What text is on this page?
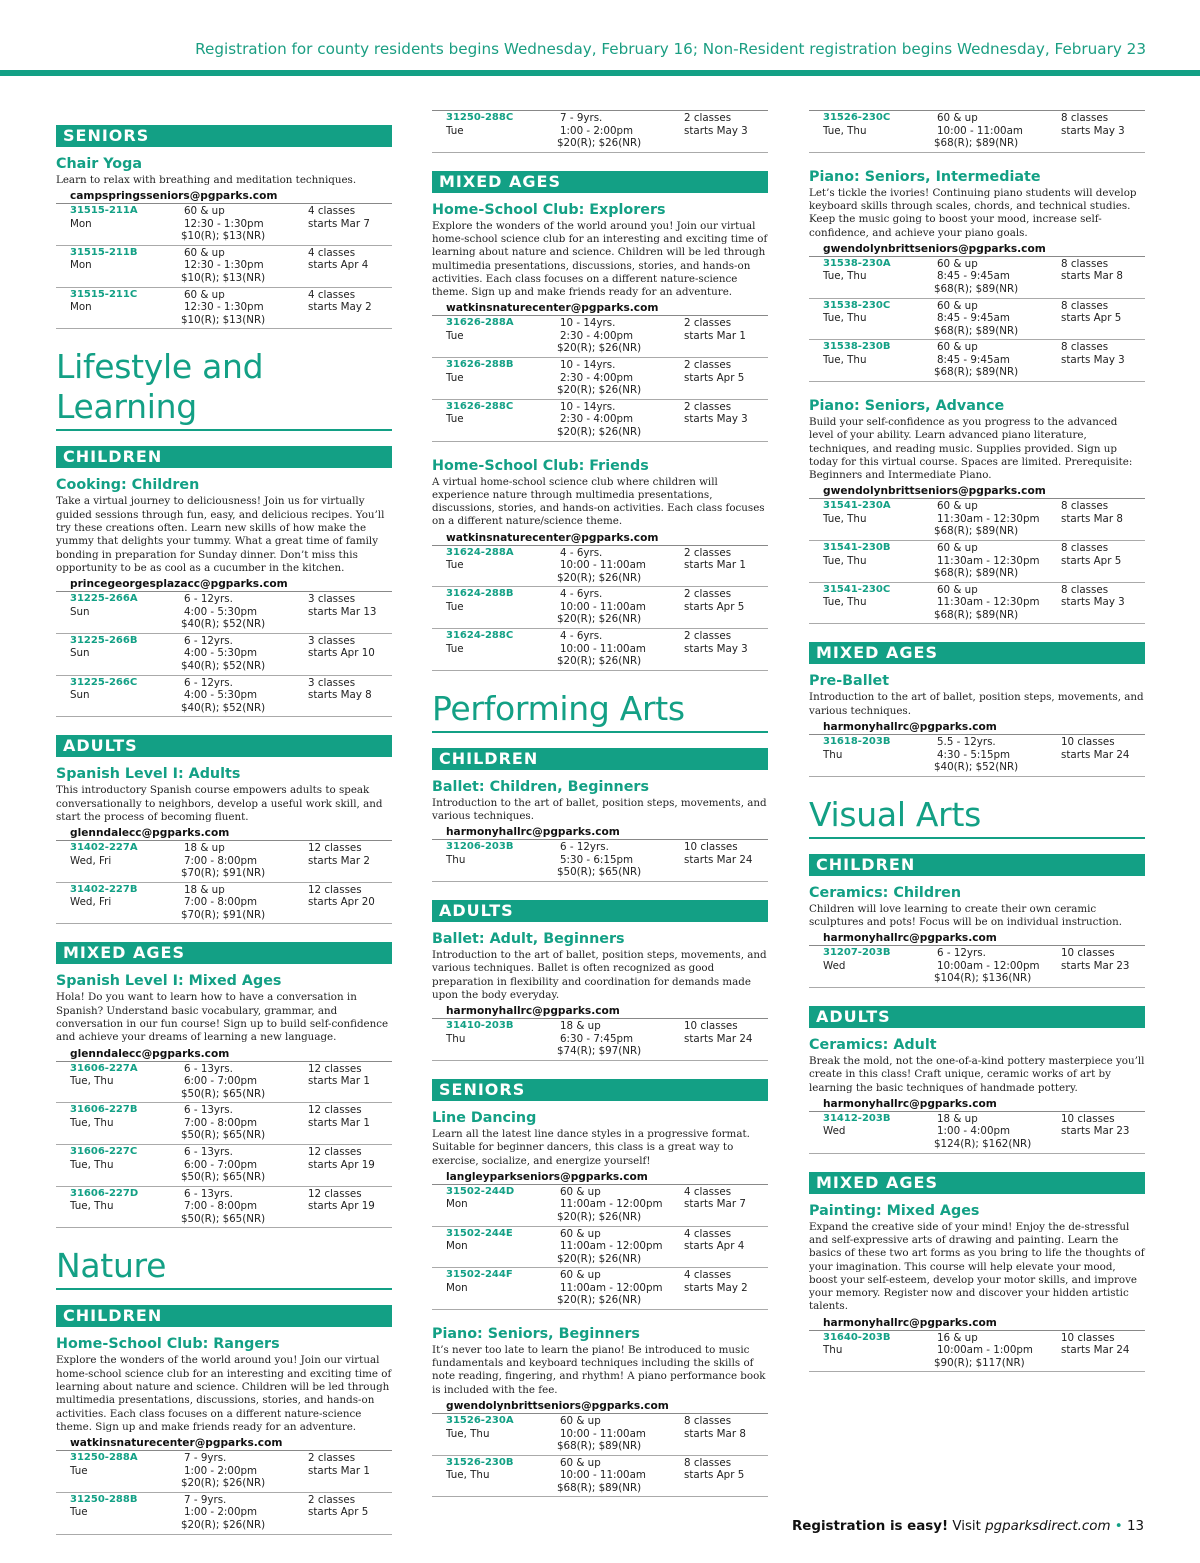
Registration for county residents begins Wednesday, February 16; Non-Resident registration begins Wednesday, February 23
SENIORS
Chair Yoga
Learn to relax with breathing and meditation techniques.
campspringsseniors@pgparks.com
31515-211A
Mon
60 & up
12:30 - 1:30pm
$10(R); $13(NR)
4 classes
starts Mar 7
31515-211B
Mon
60 & up
12:30 - 1:30pm
$10(R); $13(NR)
4 classes
starts Apr 4
31515-211C
Mon
60 & up
12:30 - 1:30pm
$10(R); $13(NR)
4 classes
starts May 2
Lifestyle and Learning
CHILDREN
Cooking: Children
Take a virtual journey to deliciousness! Join us for virtually guided sessions through fun, easy, and delicious recipes. You’ll try these creations often. Learn new skills of how make the yummy that delights your tummy. What a great time of family bonding in preparation for Sunday dinner. Don’t miss this opportunity to be as cool as a cucumber in the kitchen.
princegeorgesplazacc@pgparks.com
31225-266A
Sun
6 - 12yrs.
4:00 - 5:30pm
$40(R); $52(NR)
3 classes
starts Mar 13
31225-266B
Sun
6 - 12yrs.
4:00 - 5:30pm
$40(R); $52(NR)
3 classes
starts Apr 10
31225-266C
Sun
6 - 12yrs.
4:00 - 5:30pm
$40(R); $52(NR)
3 classes
starts May 8
ADULTS
Spanish Level I: Adults
This introductory Spanish course empowers adults to speak conversationally to neighbors, develop a useful work skill, and start the process of becoming fluent.
glenndalecc@pgparks.com
31402-227A
Wed, Fri
18 & up
7:00 - 8:00pm
$70(R); $91(NR)
12 classes
starts Mar 2
31402-227B
Wed, Fri
18 & up
7:00 - 8:00pm
$70(R); $91(NR)
12 classes
starts Apr 20
MIXED AGES
Spanish Level I: Mixed Ages
Hola! Do you want to learn how to have a conversation in Spanish? Understand basic vocabulary, grammar, and conversation in our fun course! Sign up to build self-confidence and achieve your dreams of learning a new language.
glenndalecc@pgparks.com
31606-227A
Tue, Thu
6 - 13yrs.
6:00 - 7:00pm
$50(R); $65(NR)
12 classes
starts Mar 1
31606-227B
Tue, Thu
6 - 13yrs.
7:00 - 8:00pm
$50(R); $65(NR)
12 classes
starts Mar 1
31606-227C
Tue, Thu
6 - 13yrs.
6:00 - 7:00pm
$50(R); $65(NR)
12 classes
starts Apr 19
31606-227D
Tue, Thu
6 - 13yrs.
7:00 - 8:00pm
$50(R); $65(NR)
12 classes
starts Apr 19
Nature
CHILDREN
Home-School Club: Rangers
Explore the wonders of the world around you! Join our virtual home-school science club for an interesting and exciting time of learning about nature and science. Children will be led through multimedia presentations, discussions, stories, and hands-on activities. Each class focuses on a different nature-science theme. Sign up and make friends ready for an adventure.
watkinsnaturecenter@pgparks.com
31250-288A
Tue
7 - 9yrs.
1:00 - 2:00pm
$20(R); $26(NR)
2 classes
starts Mar 1
31250-288B
Tue
7 - 9yrs.
1:00 - 2:00pm
$20(R); $26(NR)
2 classes
starts Apr 5
31250-288C
Tue
7 - 9yrs.
1:00 - 2:00pm
$20(R); $26(NR)
2 classes
starts May 3
MIXED AGES
Home-School Club: Explorers
Explore the wonders of the world around you! Join our virtual home-school science club for an interesting and exciting time of learning about nature and science. Children will be led through multimedia presentations, discussions, stories, and hands-on activities. Each class focuses on a different nature-science theme. Sign up and make friends ready for an adventure.
watkinsnaturecenter@pgparks.com
31626-288A
Tue
10 - 14yrs.
2:30 - 4:00pm
$20(R); $26(NR)
2 classes
starts Mar 1
31626-288B
Tue
10 - 14yrs.
2:30 - 4:00pm
$20(R); $26(NR)
2 classes
starts Apr 5
31626-288C
Tue
10 - 14yrs.
2:30 - 4:00pm
$20(R); $26(NR)
2 classes
starts May 3
Home-School Club: Friends
A virtual home-school science club where children will experience nature through multimedia presentations, discussions, stories, and hands-on activities. Each class focuses on a different nature/science theme.
watkinsnaturecenter@pgparks.com
31624-288A
Tue
4 - 6yrs.
10:00 - 11:00am
$20(R); $26(NR)
2 classes
starts Mar 1
31624-288B
Tue
4 - 6yrs.
10:00 - 11:00am
$20(R); $26(NR)
2 classes
starts Apr 5
31624-288C
Tue
4 - 6yrs.
10:00 - 11:00am
$20(R); $26(NR)
2 classes
starts May 3
Performing Arts
CHILDREN
Ballet: Children, Beginners
Introduction to the art of ballet, position steps, movements, and various techniques.
harmonyhallrc@pgparks.com
31206-203B
Thu
6 - 12yrs.
5:30 - 6:15pm
$50(R); $65(NR)
10 classes
starts Mar 24
ADULTS
Ballet: Adult, Beginners
Introduction to the art of ballet, position steps, movements, and various techniques. Ballet is often recognized as good preparation in flexibility and coordination for demands made upon the body everyday.
harmonyhallrc@pgparks.com
31410-203B
Thu
18 & up
6:30 - 7:45pm
$74(R); $97(NR)
10 classes
starts Mar 24
SENIORS
Line Dancing
Learn all the latest line dance styles in a progressive format. Suitable for beginner dancers, this class is a great way to exercise, socialize, and energize yourself!
langleyparkseniors@pgparks.com
31502-244D
Mon
60 & up
11:00am - 12:00pm
$20(R); $26(NR)
4 classes
starts Mar 7
31502-244E
Mon
60 & up
11:00am - 12:00pm
$20(R); $26(NR)
4 classes
starts Apr 4
31502-244F
Mon
60 & up
11:00am - 12:00pm
$20(R); $26(NR)
4 classes
starts May 2
Piano: Seniors, Beginners
It’s never too late to learn the piano! Be introduced to music fundamentals and keyboard techniques including the skills of note reading, fingering, and rhythm! A piano performance book is included with the fee.
gwendolynbrittseniors@pgparks.com
31526-230A
Tue, Thu
60 & up
10:00 - 11:00am
$68(R); $89(NR)
8 classes
starts Mar 8
31526-230B
Tue, Thu
60 & up
10:00 - 11:00am
$68(R); $89(NR)
8 classes
starts Apr 5
31526-230C
Tue, Thu
60 & up
10:00 - 11:00am
$68(R); $89(NR)
8 classes
starts May 3
Piano: Seniors, Intermediate
Let’s tickle the ivories! Continuing piano students will develop keyboard skills through scales, chords, and technical studies. Keep the music going to boost your mood, increase self-confidence, and achieve your piano goals.
gwendolynbrittseniors@pgparks.com
31538-230A
Tue, Thu
60 & up
8:45 - 9:45am
$68(R); $89(NR)
8 classes
starts Mar 8
31538-230C
Tue, Thu
60 & up
8:45 - 9:45am
$68(R); $89(NR)
8 classes
starts Apr 5
31538-230B
Tue, Thu
60 & up
8:45 - 9:45am
$68(R); $89(NR)
8 classes
starts May 3
Piano: Seniors, Advance
Build your self-confidence as you progress to the advanced level of your ability. Learn advanced piano literature, techniques, and reading music. Supplies provided. Sign up today for this virtual course. Spaces are limited. Prerequisite: Beginners and Intermediate Piano.
gwendolynbrittseniors@pgparks.com
31541-230A
Tue, Thu
60 & up
11:30am - 12:30pm
$68(R); $89(NR)
8 classes
starts Mar 8
31541-230B
Tue, Thu
60 & up
11:30am - 12:30pm
$68(R); $89(NR)
8 classes
starts Apr 5
31541-230C
Tue, Thu
60 & up
11:30am - 12:30pm
$68(R); $89(NR)
8 classes
starts May 3
MIXED AGES
Pre-Ballet
Introduction to the art of ballet, position steps, movements, and various techniques.
harmonyhallrc@pgparks.com
31618-203B
Thu
5.5 - 12yrs.
4:30 - 5:15pm
$40(R); $52(NR)
10 classes
starts Mar 24
Visual Arts
CHILDREN
Ceramics: Children
Children will love learning to create their own ceramic sculptures and pots! Focus will be on individual instruction.
harmonyhallrc@pgparks.com
31207-203B
Wed
6 - 12yrs.
10:00am - 12:00pm
$104(R); $136(NR)
10 classes
starts Mar 23
ADULTS
Ceramics: Adult
Break the mold, not the one-of-a-kind pottery masterpiece you’ll create in this class! Craft unique, ceramic works of art by learning the basic techniques of handmade pottery.
harmonyhallrc@pgparks.com
31412-203B
Wed
18 & up
1:00 - 4:00pm
$124(R); $162(NR)
10 classes
starts Mar 23
MIXED AGES
Painting: Mixed Ages
Expand the creative side of your mind! Enjoy the de-stressful and self-expressive arts of drawing and painting. Learn the basics of these two art forms as you bring to life the thoughts of your imagination. This course will help elevate your mood, boost your self-esteem, develop your motor skills, and improve your memory. Register now and discover your hidden artistic talents.
harmonyhallrc@pgparks.com
31640-203B
Thu
16 & up
10:00am - 1:00pm
$90(R); $117(NR)
10 classes
starts Mar 24
Registration is easy! Visit pgparksdirect.com • 13
